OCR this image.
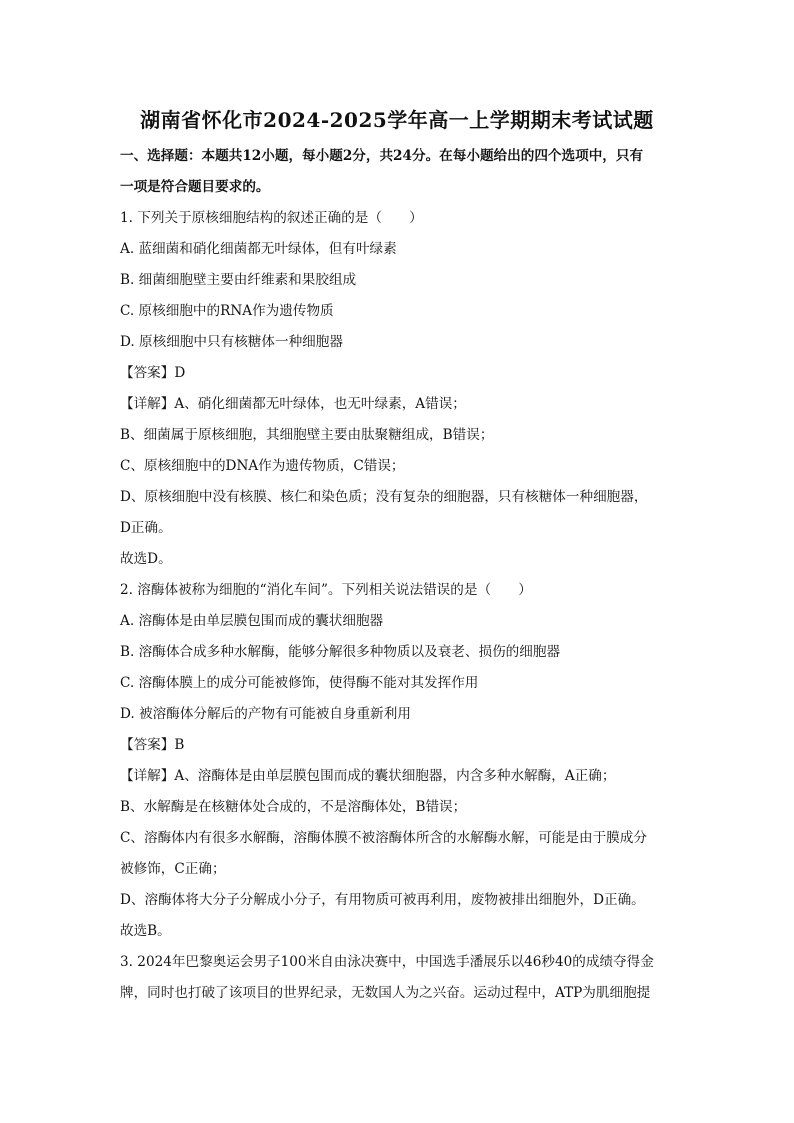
湖南省怀化市2024-2025学年高一上学期期末考试试题
一、选择题：本题共12小题，每小题2分，共24分。在每小题给出的四个选项中，只有
一项是符合题目要求的。
1. 下列关于原核细胞结构的叙述正确的是（　　）
A. 蓝细菌和硝化细菌都无叶绿体，但有叶绿素
B. 细菌细胞壁主要由纤维素和果胶组成
C. 原核细胞中的RNA作为遗传物质
D. 原核细胞中只有核糖体一种细胞器
【答案】D
【详解】A、硝化细菌都无叶绿体，也无叶绿素，A错误；
B、细菌属于原核细胞，其细胞壁主要由肽聚糖组成，B错误；
C、原核细胞中的DNA作为遗传物质，C错误；
D、原核细胞中没有核膜、核仁和染色质；没有复杂的细胞器，只有核糖体一种细胞器，
D正确。
故选D。
2. 溶酶体被称为细胞的“消化车间”。下列相关说法错误的是（　　）
A. 溶酶体是由单层膜包围而成的囊状细胞器
B. 溶酶体合成多种水解酶，能够分解很多种物质以及衰老、损伤的细胞器
C. 溶酶体膜上的成分可能被修饰，使得酶不能对其发挥作用
D. 被溶酶体分解后的产物有可能被自身重新利用
【答案】B
【详解】A、溶酶体是由单层膜包围而成的囊状细胞器，内含多种水解酶，A正确；
B、水解酶是在核糖体处合成的，不是溶酶体处，B错误；
C、溶酶体内有很多水解酶，溶酶体膜不被溶酶体所含的水解酶水解，可能是由于膜成分
被修饰，C正确；
D、溶酶体将大分子分解成小分子，有用物质可被再利用，废物被排出细胞外，D正确。
故选B。
3. 2024年巴黎奥运会男子100米自由泳决赛中，中国选手潘展乐以46秒40的成绩夺得金
牌，同时也打破了该项目的世界纪录，无数国人为之兴奋。运动过程中，ATP为肌细胞提
